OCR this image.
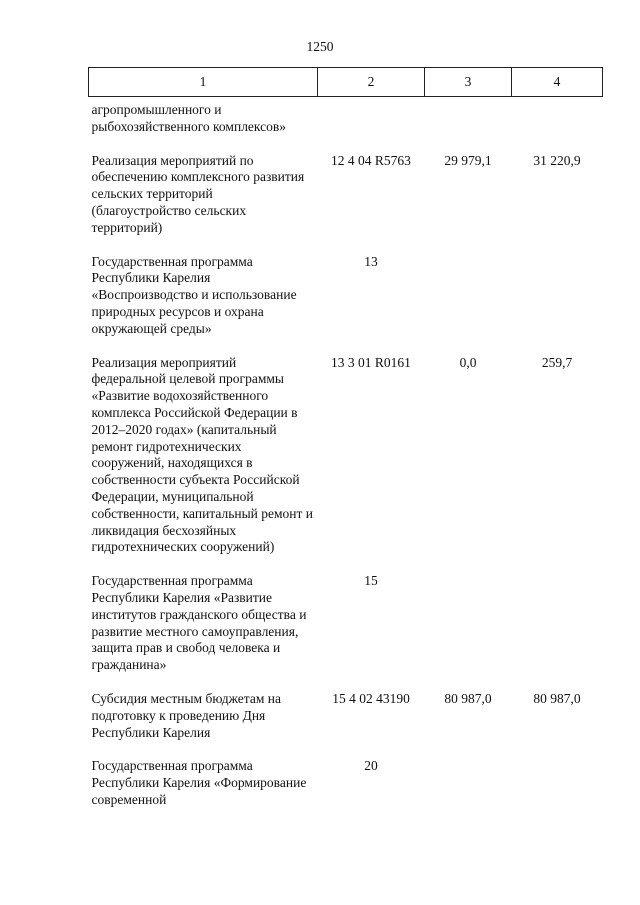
1250
1	2	3	4
агропромышленного и рыбохозяйственного комплексов»			
Реализация мероприятий по обеспечению комплексного развития сельских территорий (благоустройство сельских территорий)	12 4 04 R5763	29 979,1	31 220,9
Государственная программа Республики Карелия «Воспроизводство и использование природных ресурсов и охрана окружающей среды»	13		
Реализация мероприятий федеральной целевой программы «Развитие водохозяйственного комплекса Российской Федерации в 2012–2020 годах» (капитальный ремонт гидротехнических сооружений, находящихся в собственности субъекта Российской Федерации, муниципальной собственности, капитальный ремонт и ликвидация бесхозяйных гидротехнических сооружений)	13 3 01 R0161	0,0	259,7
Государственная программа Республики Карелия «Развитие институтов гражданского общества и развитие местного самоуправления, защита прав и свобод человека и гражданина»	15		
Субсидия местным бюджетам на подготовку к проведению Дня Республики Карелия	15 4 02 43190	80 987,0	80 987,0
Государственная программа Республики Карелия «Формирование современной	20		
